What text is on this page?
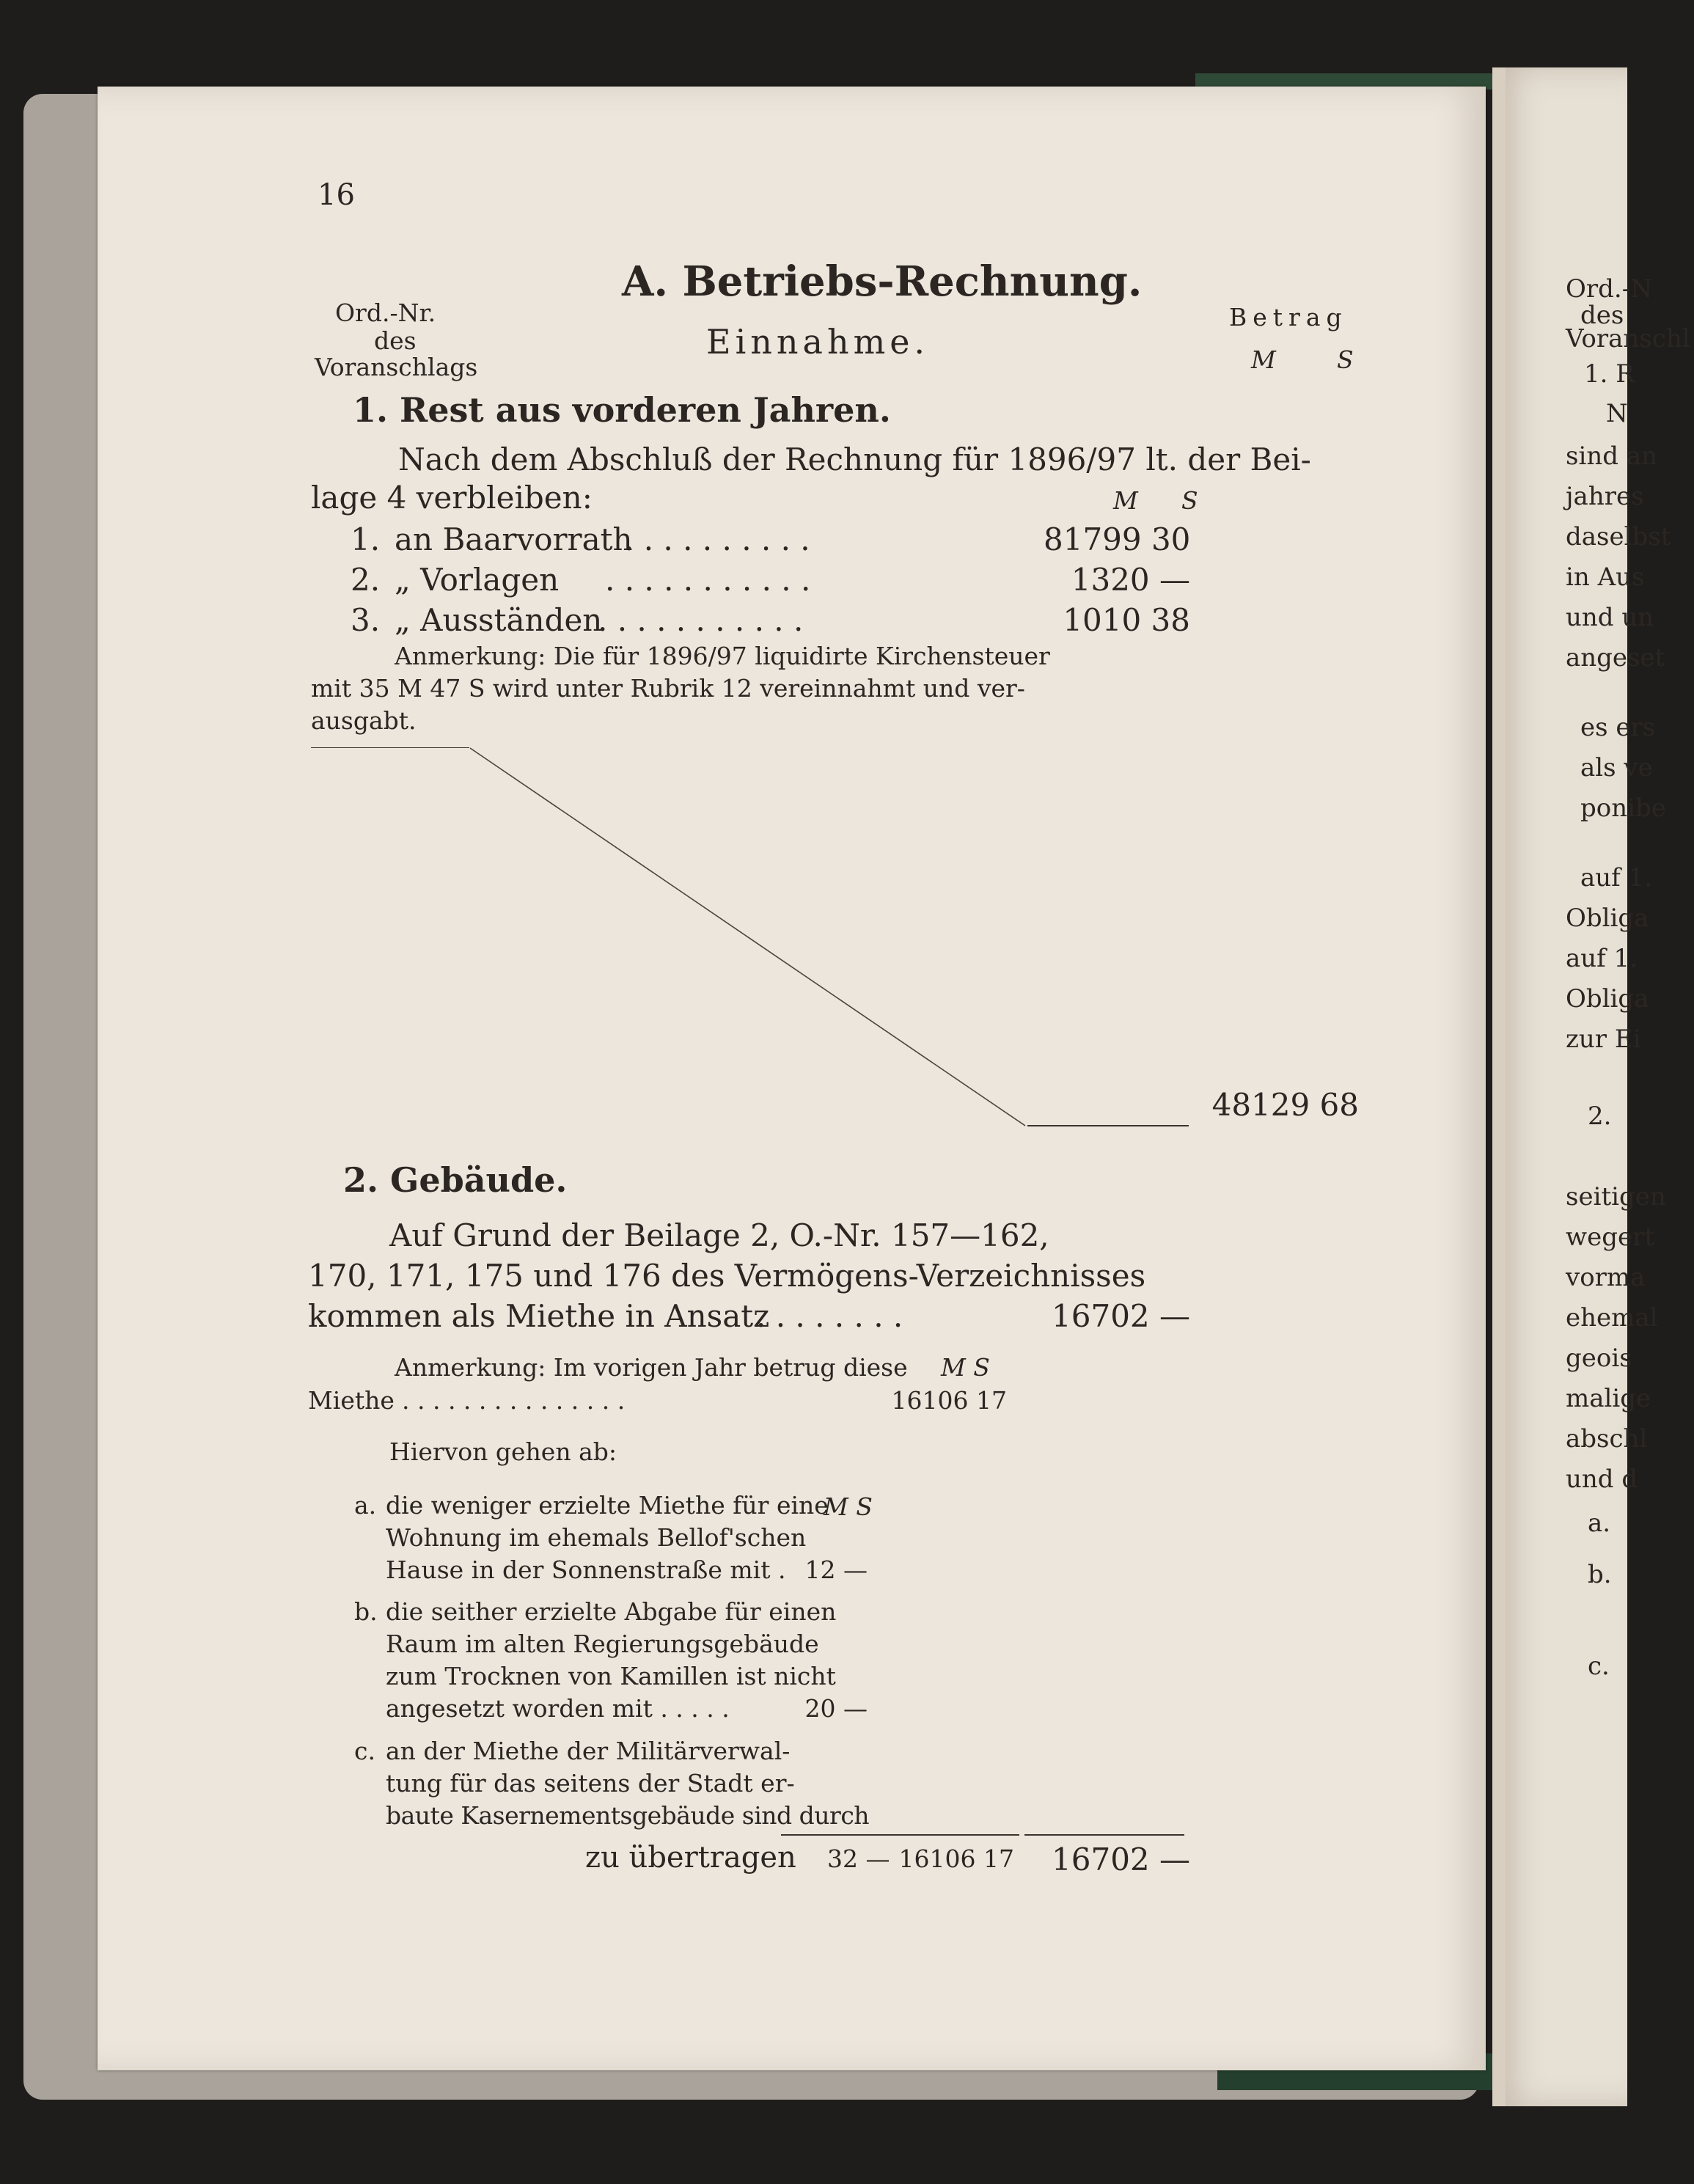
Ord.-N
des
Voranschl
1. R
N
sind an
jahres
daselbst
in Aus
und un
angeset
es ers
als ve
ponibe
auf 1.
Obliga
auf 1.
Obliga
zur Ei
2.
seitigen
wegert
vorma
ehemal
geois
malige
abschl
und d
a.
b.
c.
16
A. Betriebs-Rechnung.
Einnahme.
Ord.-Nr.
des
Voranschlags
Betrag
M	S
1. Rest aus vorderen Jahren.
Nach dem Abschluß der Rechnung für 1896/97 lt. der Bei-
lage 4 verbleiben:	M S
1. an Baarvorrath
. . . . . . . . . .	81799 30
2. „ Vorlagen . . . . . . . . . . .	1320 —
3. „ Ausständen
. . . . . . . . . . .	1010 38
Anmerkung: Die für 1896/97 liquidirte Kirchensteuer
mit 35 M 47 S wird unter Rubrik 12 vereinnahmt und ver-
ausgabt.
48129 68
2. Gebäude.
Auf Grund der Beilage 2, O.-Nr. 157—162,
170, 171, 175 und 176 des Vermögens-Verzeichnisses
kommen als Miethe in Ansatz
. . . . . . . .	16702 —
Anmerkung: Im vorigen Jahr betrug diese M S
Miethe . . . . . . . . . . . . . . .	16106 17
Hiervon gehen ab:
M S
a. die weniger erzielte Miethe für eine
Wohnung im ehemals Bellof'schen
Hause in der Sonnenstraße mit . 12 —
b. die seither erzielte Abgabe für einen
Raum im alten Regierungsgebäude
zum Trocknen von Kamillen ist nicht
angesetzt worden mit . . . . .	20 —
c. an der Miethe der Militärverwal-
tung für das seitens der Stadt er-
baute Kasernementsgebäude sind durch
zu übertragen 32 — 16106 17	16702 —
